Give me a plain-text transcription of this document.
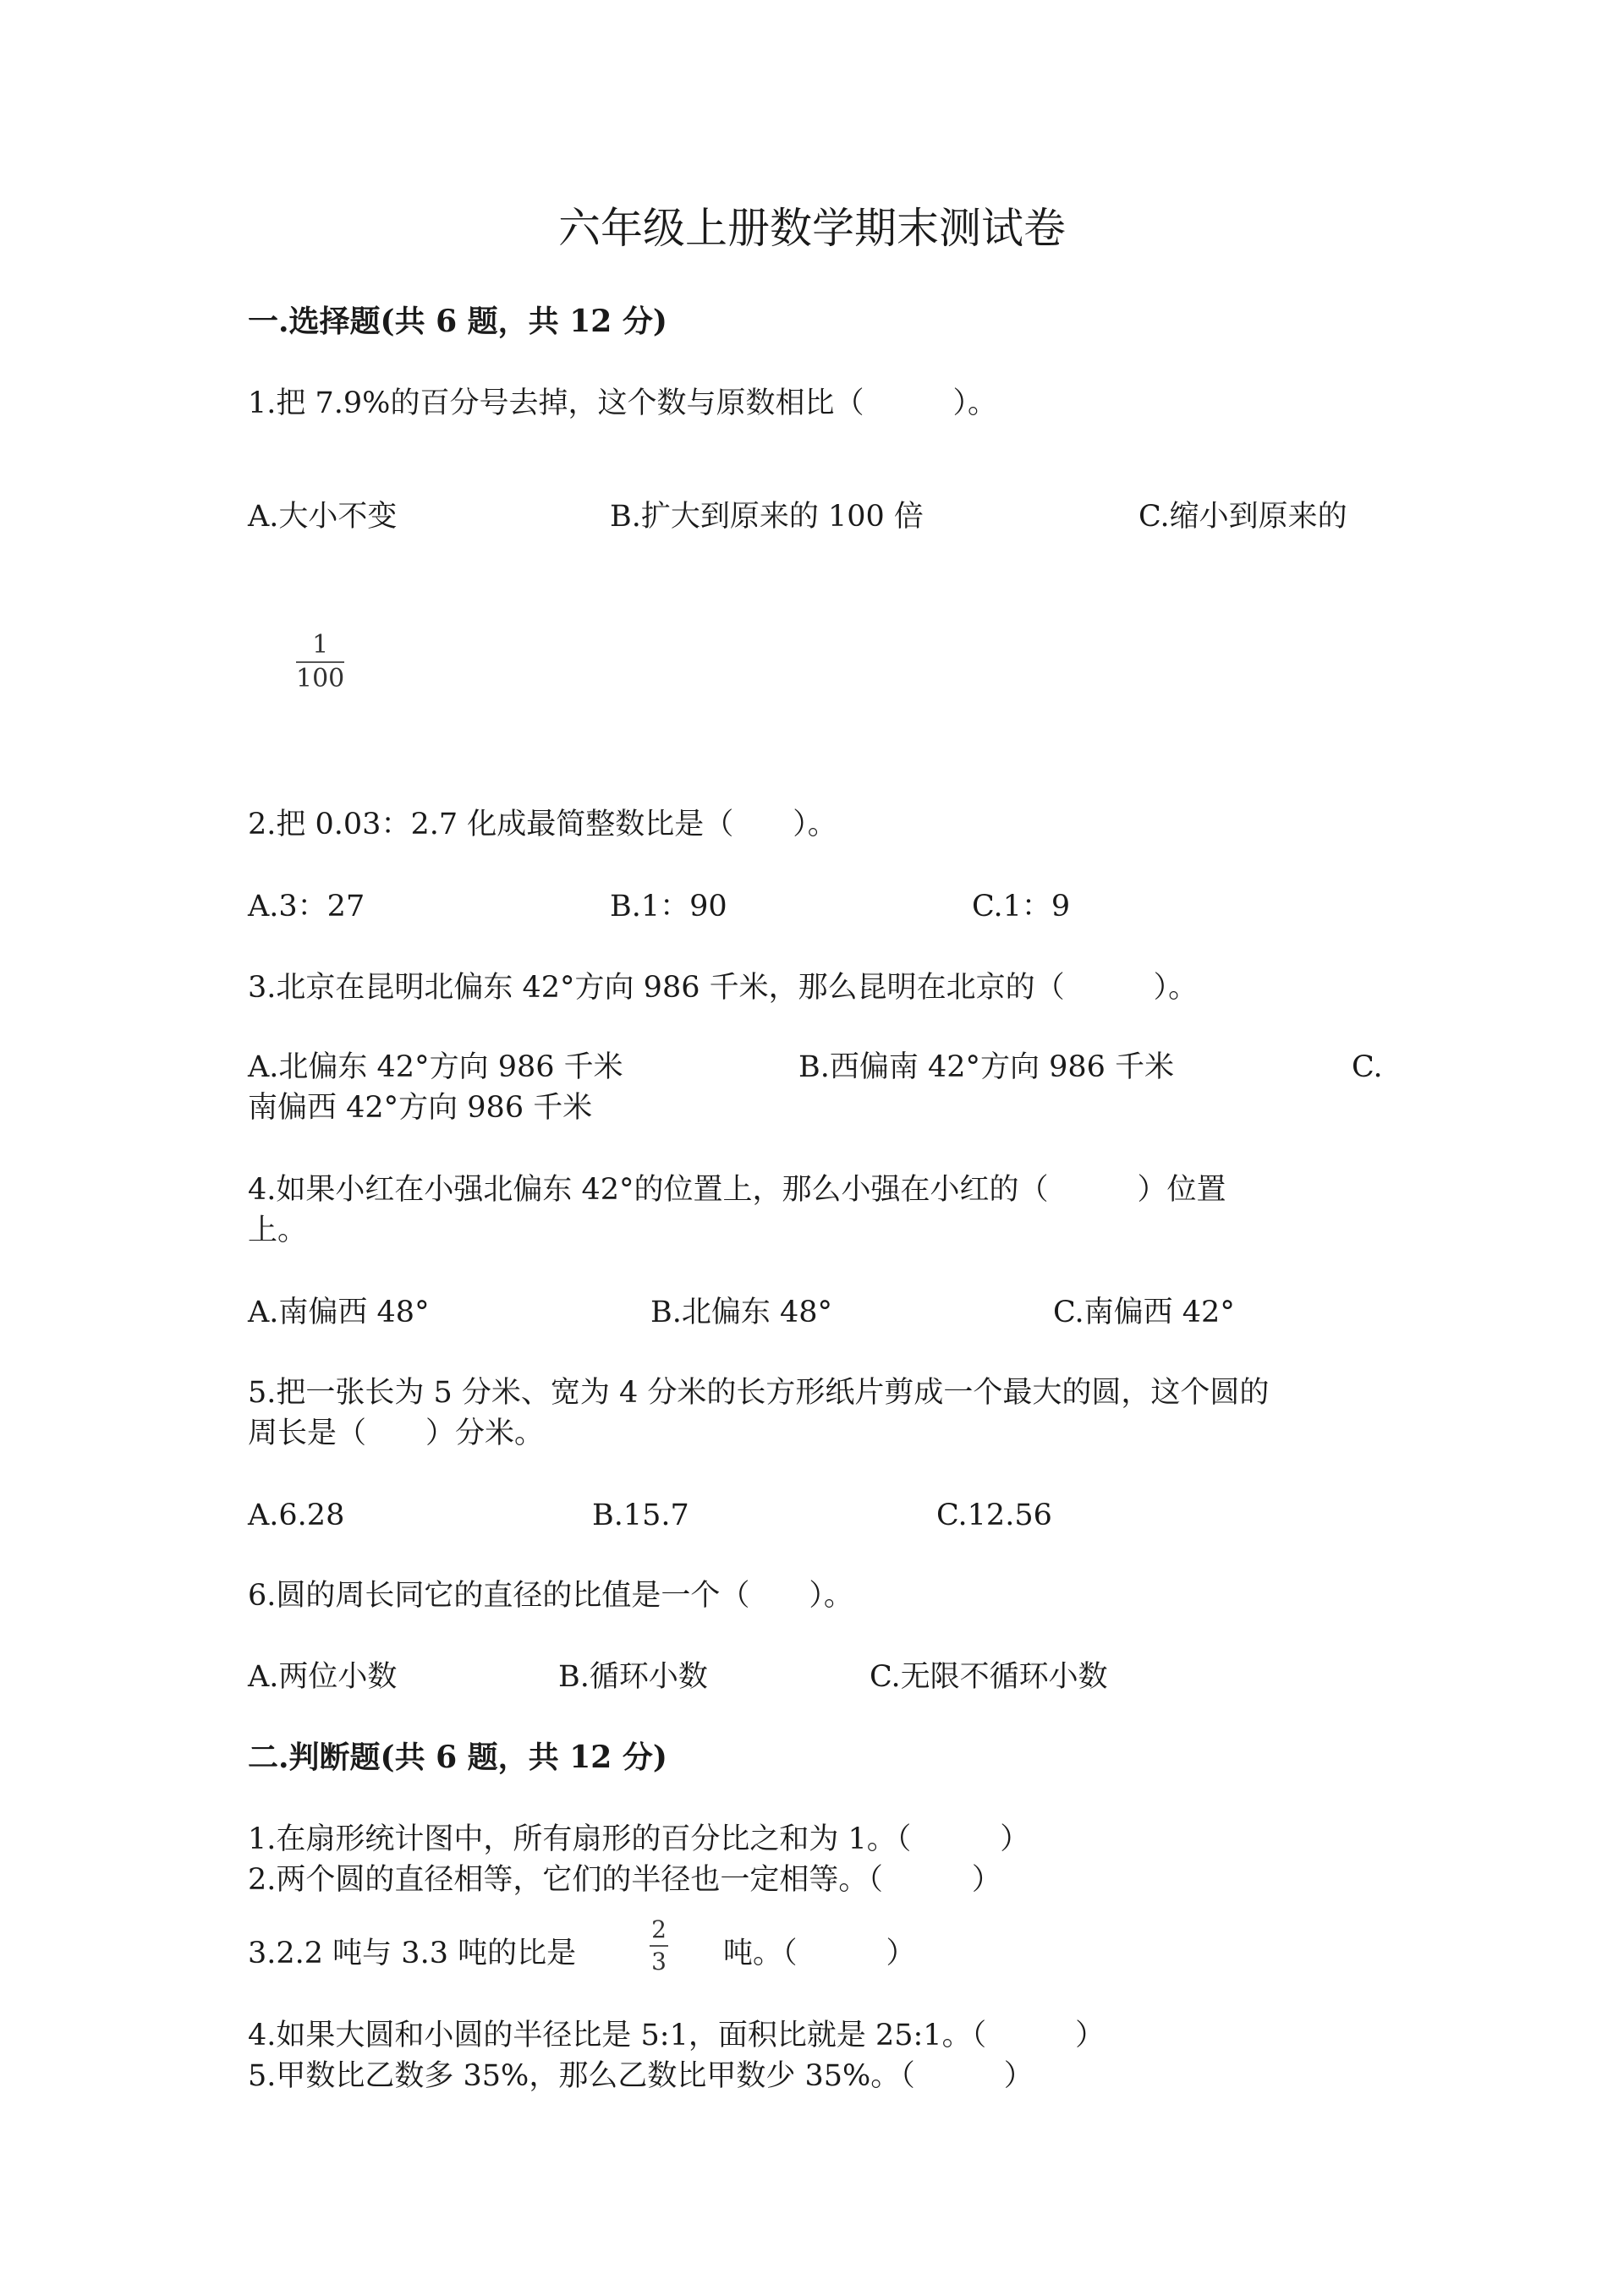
六年级上册数学期末测试卷
一.选择题(共 6 题，共 12 分)
1.把 7.9%的百分号去掉，这个数与原数相比（　　　）。
A.大小不变	B.扩大到原来的 100 倍	C.缩小到原来的
1
100
2.把 0.03：2.7 化成最简整数比是（　　）。
A.3：27	B.1：90	C.1：9
3.北京在昆明北偏东 42°方向 986 千米，那么昆明在北京的（　　　）。
A.北偏东 42°方向 986 千米	B.西偏南 42°方向 986 千米	C.
南偏西 42°方向 986 千米
4.如果小红在小强北偏东 42°的位置上，那么小强在小红的（　　　）位置
上。
A.南偏西 48°	B.北偏东 48°	C.南偏西 42°
5.把一张长为 5 分米、宽为 4 分米的长方形纸片剪成一个最大的圆，这个圆的
周长是（　　）分米。
A.6.28	B.15.7	C.12.56
6.圆的周长同它的直径的比值是一个（　　）。
A.两位小数	B.循环小数	C.无限不循环小数
二.判断题(共 6 题，共 12 分)
1.在扇形统计图中，所有扇形的百分比之和为 1。（　　　）
2.两个圆的直径相等，它们的半径也一定相等。（　　　）
3.2.2 吨与 3.3 吨的比是
2
3 吨。（　　　）
4.如果大圆和小圆的半径比是 5:1，面积比就是 25:1。（　　　）
5.甲数比乙数多 35%，那么乙数比甲数少 35%。（　　　）
